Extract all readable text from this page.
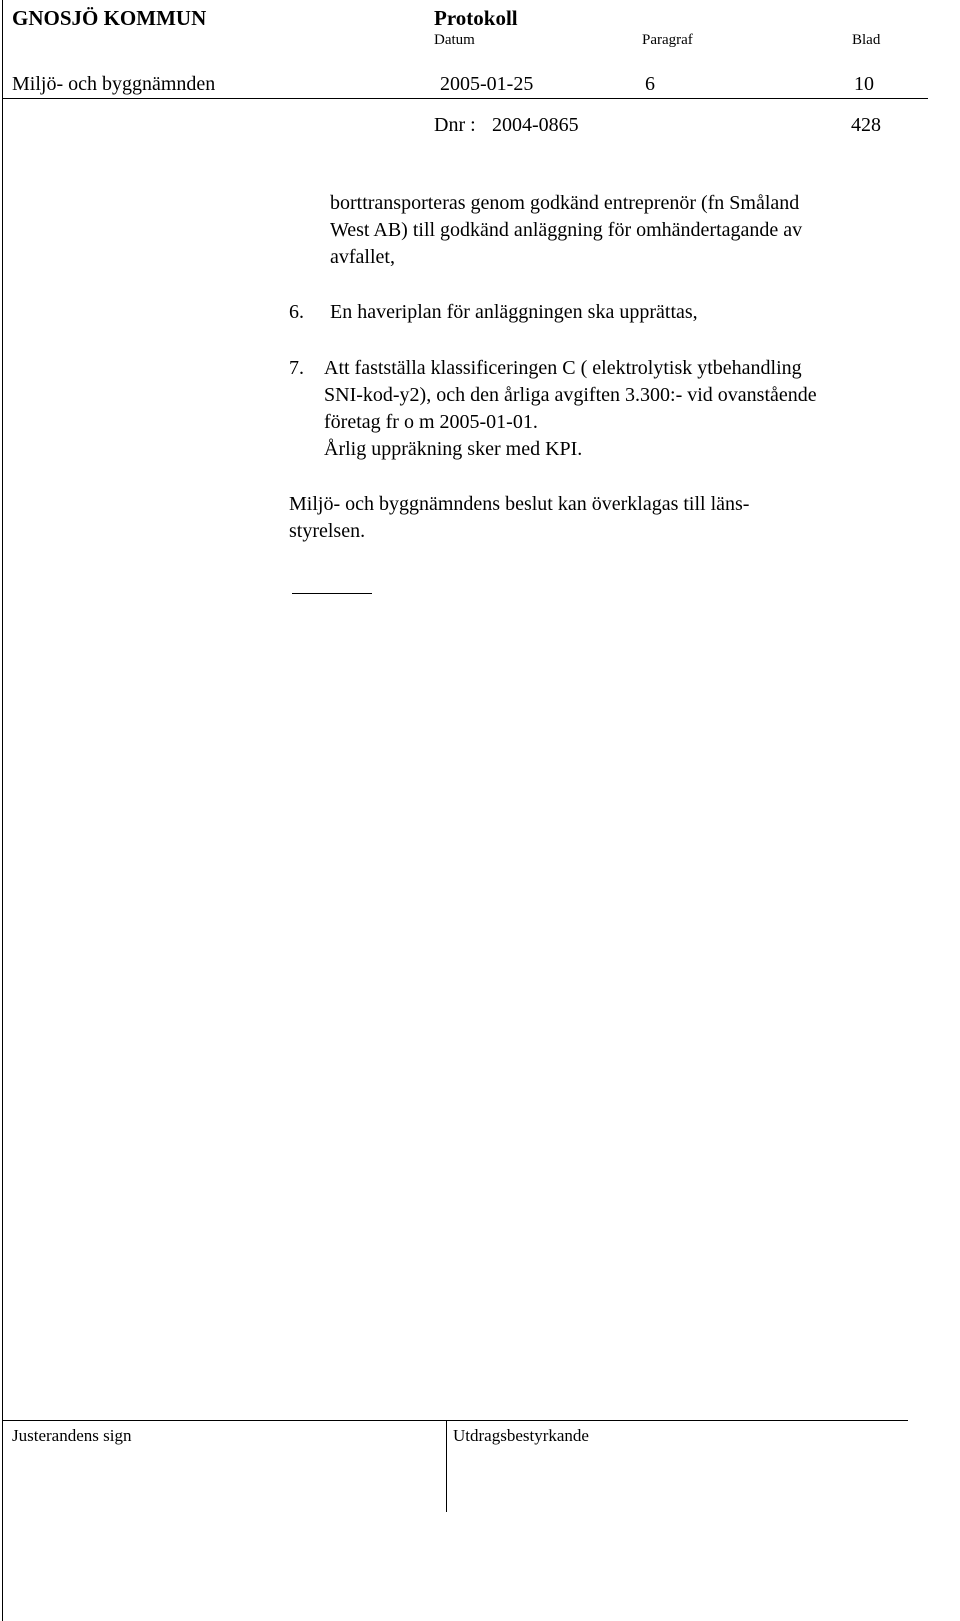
GNOSJÖ KOMMUN	Protokoll
Datum	Paragraf	Blad
Miljö- och byggnämnden	2005-01-25	6	10
Dnr : 2004-0865	428
borttransporteras genom godkänd entreprenör (fn Småland
West AB) till godkänd anläggning för omhändertagande av
avfallet,
6. En haveriplan för anläggningen ska upprättas,
7. Att fastställa klassificeringen C ( elektrolytisk ytbehandling
SNI-kod-y2), och den årliga avgiften 3.300:- vid ovanstående
företag fr o m 2005-01-01.
Årlig uppräkning sker med KPI.
Miljö- och byggnämndens beslut kan överklagas till läns-
styrelsen.
Justerandens sign	Utdragsbestyrkande
